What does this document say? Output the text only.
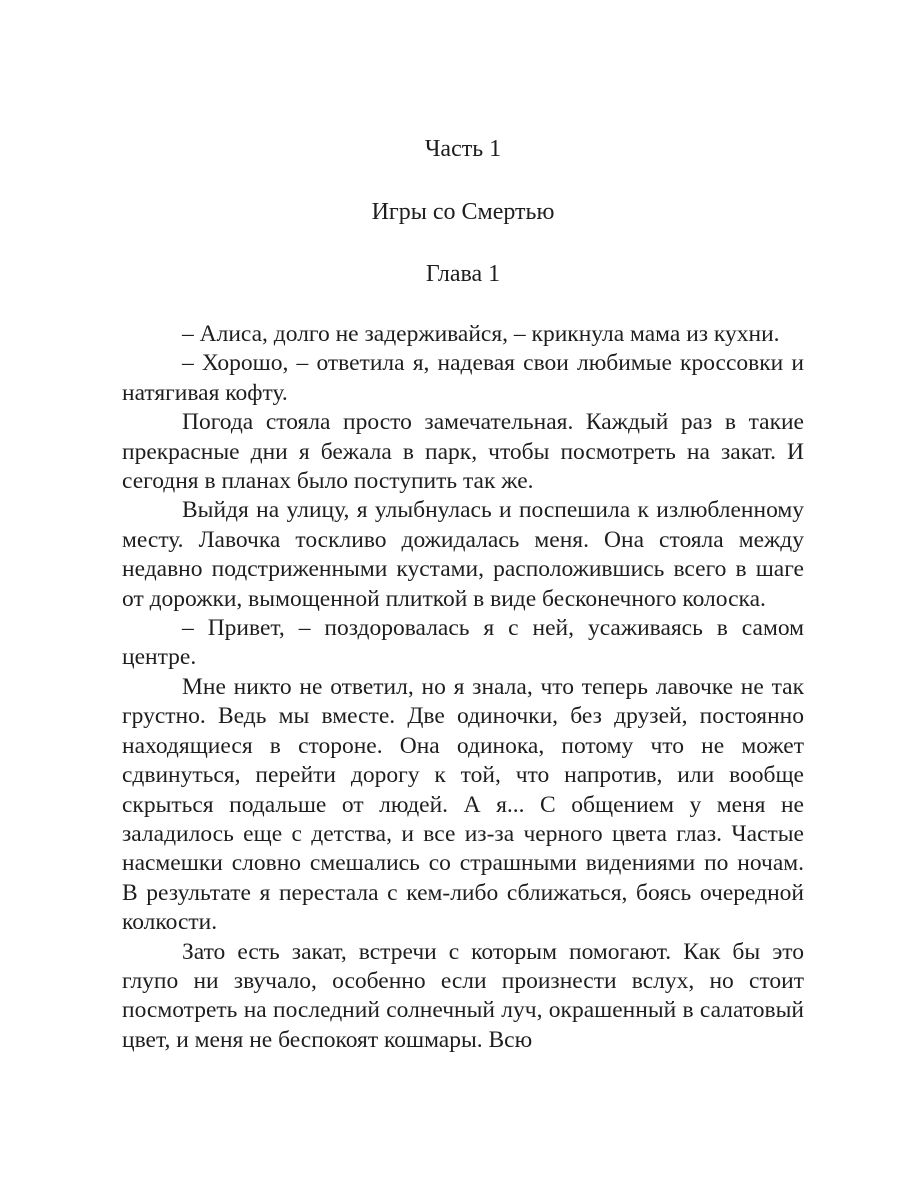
Часть 1
Игры со Смертью
Глава 1

– Алиса, долго не задерживайся, – крикнула мама из кухни.

– Хорошо, – ответила я, надевая свои любимые кроссовки и натягивая кофту.

Погода стояла просто замечательная. Каждый раз в такие прекрасные дни я бежала в парк, чтобы посмотреть на закат. И сегодня в планах было поступить так же.

Выйдя на улицу, я улыбнулась и поспешила к излюбленному месту. Лавочка тоскливо дожидалась меня. Она стояла между недавно подстриженными кустами, расположившись всего в шаге от дорожки, вымощенной плиткой в виде бесконечного колоска.

– Привет, – поздоровалась я с ней, усаживаясь в самом центре.

Мне никто не ответил, но я знала, что теперь лавочке не так грустно. Ведь мы вместе. Две одиночки, без друзей, постоянно находящиеся в стороне. Она одинока, потому что не может сдвинуться, перейти дорогу к той, что напротив, или вообще скрыться подальше от людей. А я... С общением у меня не заладилось еще с детства, и все из-за черного цвета глаз. Частые насмешки словно смешались со страшными видениями по ночам. В результате я перестала с кем-либо сближаться, боясь очередной колкости.

Зато есть закат, встречи с которым помогают. Как бы это глупо ни звучало, особенно если произнести вслух, но стоит посмотреть на последний солнечный луч, окрашенный в салатовый цвет, и меня не беспокоят кошмары. Всю
